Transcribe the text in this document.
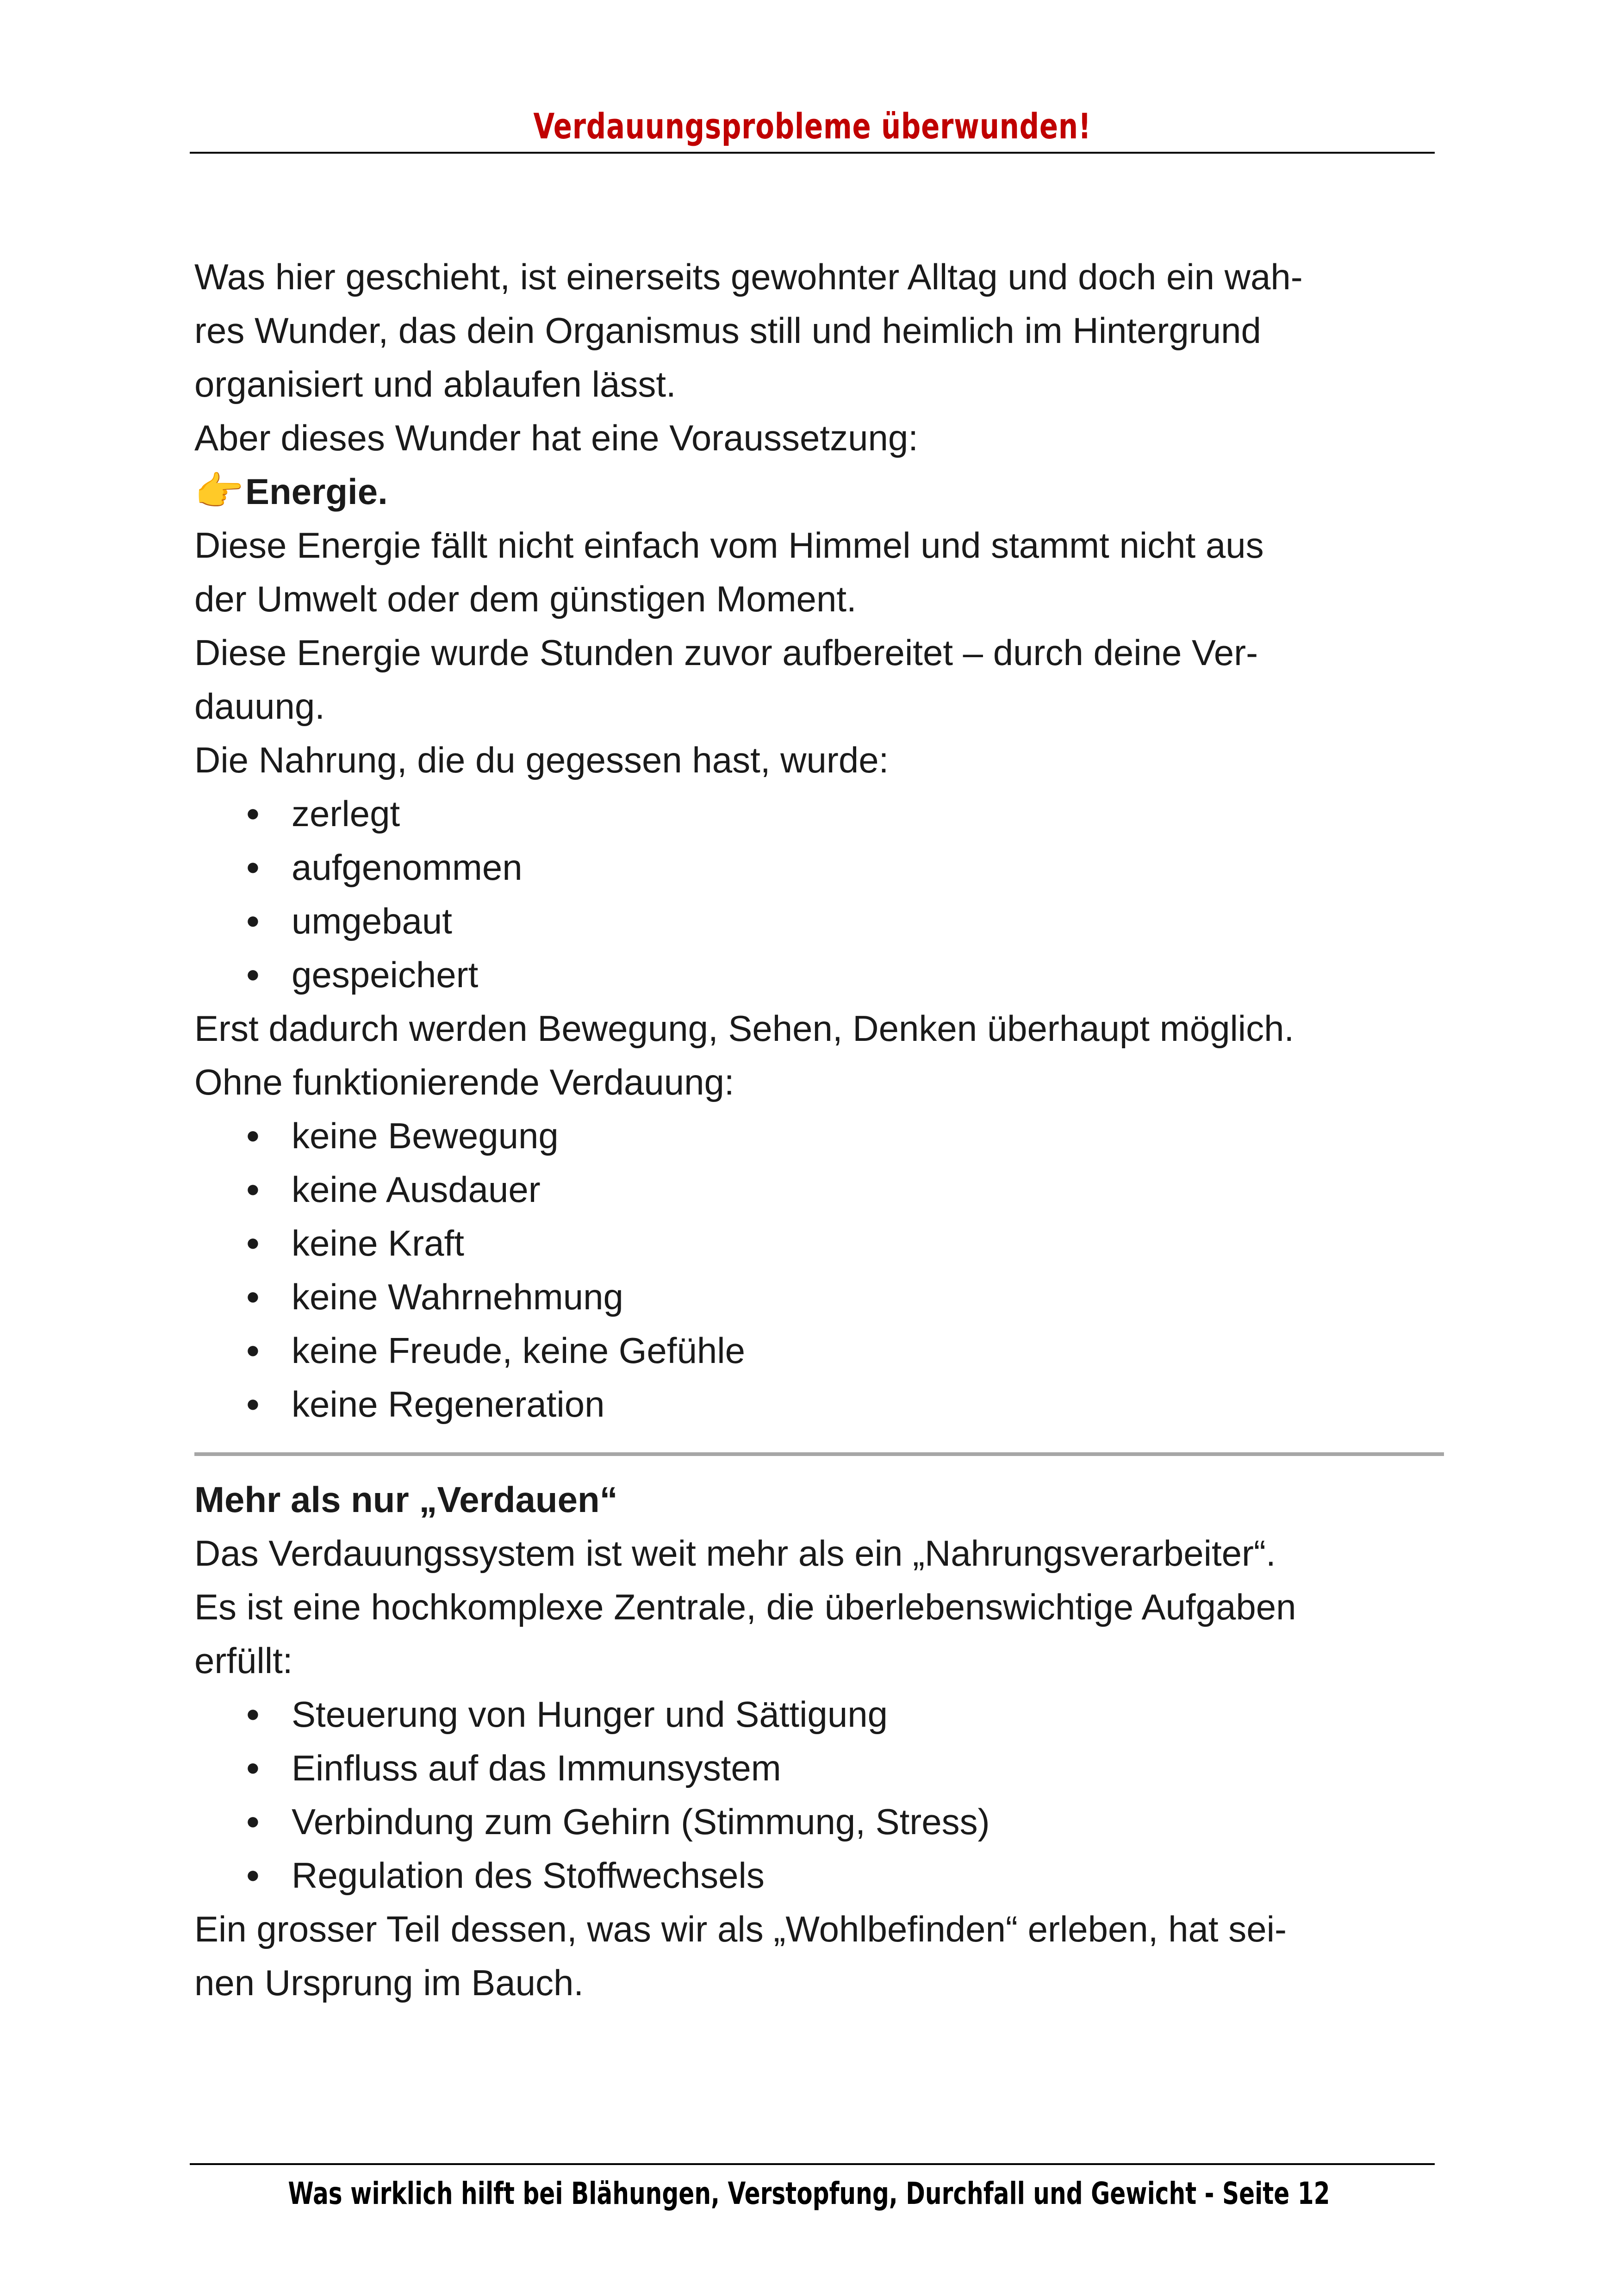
Verdauungsprobleme überwunden!

Was hier geschieht, ist einerseits gewohnter Alltag und doch ein wah-

res Wunder, das dein Organismus still und heimlich im Hintergrund

organisiert und ablaufen lässt.

Aber dieses Wunder hat eine Voraussetzung:

👉 Energie.

Diese Energie fällt nicht einfach vom Himmel und stammt nicht aus

der Umwelt oder dem günstigen Moment.

Diese Energie wurde Stunden zuvor aufbereitet – durch deine Ver-

dauung.

Die Nahrung, die du gegessen hast, wurde:

• zerlegt
• aufgenommen
• umgebaut
• gespeichert

Erst dadurch werden Bewegung, Sehen, Denken überhaupt möglich.

Ohne funktionierende Verdauung:

• keine Bewegung
• keine Ausdauer
• keine Kraft
• keine Wahrnehmung
• keine Freude, keine Gefühle
• keine Regeneration

Mehr als nur „Verdauen“

Das Verdauungssystem ist weit mehr als ein „Nahrungsverarbeiter“.

Es ist eine hochkomplexe Zentrale, die überlebenswichtige Aufgaben

erfüllt:

• Steuerung von Hunger und Sättigung
• Einfluss auf das Immunsystem
• Verbindung zum Gehirn (Stimmung, Stress)
• Regulation des Stoffwechsels

Ein grosser Teil dessen, was wir als „Wohlbefinden“ erleben, hat sei-

nen Ursprung im Bauch.

Was wirklich hilft bei Blähungen, Verstopfung, Durchfall und Gewicht - Seite 12
